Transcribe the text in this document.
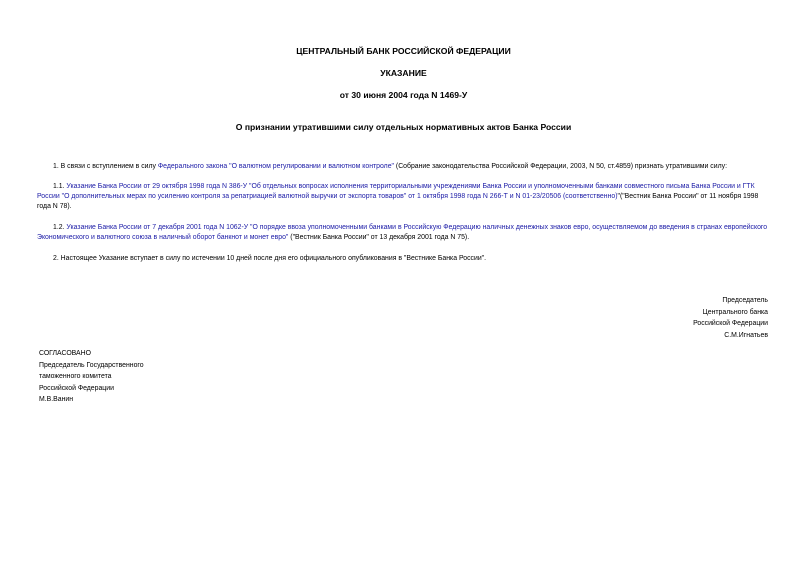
ЦЕНТРАЛЬНЫЙ БАНК РОССИЙСКОЙ ФЕДЕРАЦИИ
УКАЗАНИЕ
от 30 июня 2004 года N 1469-У
О признании утратившими силу отдельных нормативных актов Банка России
1. В связи с вступлением в силу Федерального закона "О валютном регулировании и валютном контроле" (Собрание законодательства Российской Федерации, 2003, N 50, ст.4859) признать утратившими силу:
1.1. Указание Банка России от 29 октября 1998 года N 386-У "Об отдельных вопросах исполнения территориальными учреждениями Банка России и уполномоченными банками совместного письма Банка России и ГТК России "О дополнительных мерах по усилению контроля за репатриацией валютной выручки от экспорта товаров" от 1 октября 1998 года N 266-Т и N 01-23/20506 (соответственно)"("Вестник Банка России" от 11 ноября 1998 года N 78).
1.2. Указание Банка России от 7 декабря 2001 года N 1062-У "О порядке ввоза уполномоченными банками в Российскую Федерацию наличных денежных знаков евро, осуществляемом до введения в странах европейского Экономического и валютного союза в наличный оборот банкнот и монет евро" ("Вестник Банка России" от 13 декабря 2001 года N 75).
2. Настоящее Указание вступает в силу по истечении 10 дней после дня его официального опубликования в "Вестнике Банка России".
Председатель
Центрального банка
Российской Федерации
С.М.Игнатьев
СОГЛАСОВАНО
Председатель Государственного
таможенного комитета
Российской Федерации
М.В.Ванин
